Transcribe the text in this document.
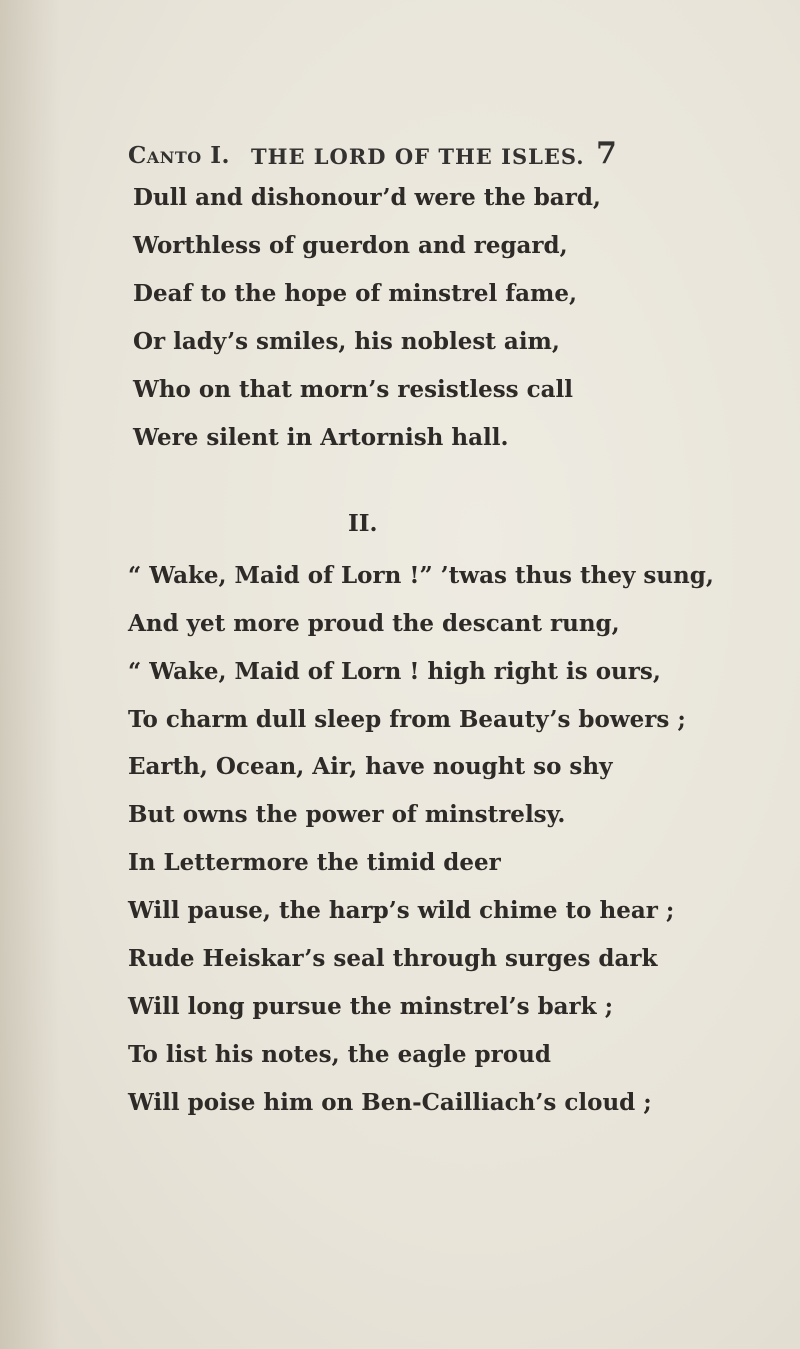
Canto I. THE LORD OF THE ISLES. 7
Dull and dishonour’d were the bard,
Worthless of guerdon and regard,
Deaf to the hope of minstrel fame,
Or lady’s smiles, his noblest aim,
Who on that morn’s resistless call
Were silent in Artornish hall.
II.
“ Wake, Maid of Lorn !” ’twas thus they sung,
And yet more proud the descant rung,
“ Wake, Maid of Lorn ! high right is ours,
To charm dull sleep from Beauty’s bowers ;
Earth, Ocean, Air, have nought so shy
But owns the power of minstrelsy.
In Lettermore the timid deer
Will pause, the harp’s wild chime to hear ;
Rude Heiskar’s seal through surges dark
Will long pursue the minstrel’s bark ;
To list his notes, the eagle proud
Will poise him on Ben-Cailliach’s cloud ;
